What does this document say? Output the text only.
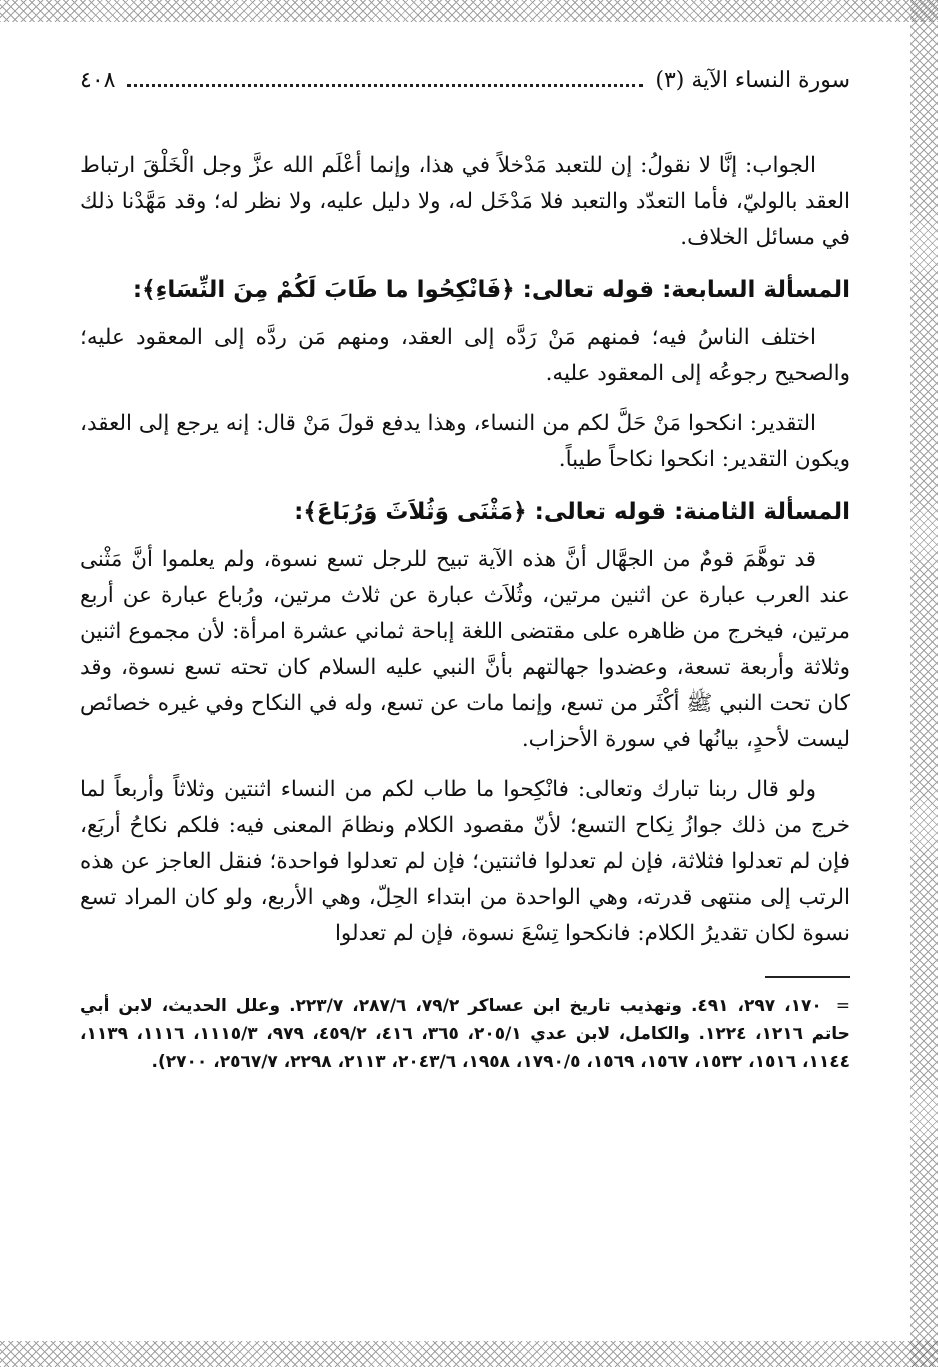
سورة النساء الآية (٣)
٤٠٨

الجواب: إنَّا لا نقولُ: إن للتعبد مَدْخلاً في هذا، وإنما أعْلَم الله عزَّ وجل الْخَلْقَ ارتباط العقد بالوليّ، فأما التعدّد والتعبد فلا مَدْخَل له، ولا دليل عليه، ولا نظر له؛ وقد مَهَّدْنا ذلك في مسائل الخلاف.

المسألة السابعة: قوله تعالى: ﴿فَانْكِحُوا ما طَابَ لَكُمْ مِنَ النِّسَاءِ﴾:

اختلف الناسُ فيه؛ فمنهم مَنْ رَدَّه إلى العقد، ومنهم مَن ردَّه إلى المعقود عليه؛ والصحيح رجوعُه إلى المعقود عليه.

التقدير: انكحوا مَنْ حَلَّ لكم من النساء، وهذا يدفع قولَ مَنْ قال: إنه يرجع إلى العقد، ويكون التقدير: انكحوا نكاحاً طيباً.

المسألة الثامنة: قوله تعالى: ﴿مَثْنَى وَثُلاَثَ وَرُبَاعَ﴾:

قد توهَّمَ قومٌ من الجهَّال أنَّ هذه الآية تبيح للرجل تسع نسوة، ولم يعلموا أنَّ مَثْنى عند العرب عبارة عن اثنين مرتين، وثُلاَث عبارة عن ثلاث مرتين، ورُباع عبارة عن أربع مرتين، فيخرج من ظاهره على مقتضى اللغة إباحة ثماني عشرة امرأة: لأن مجموع اثنين وثلاثة وأربعة تسعة، وعضدوا جهالتهم بأنَّ النبي عليه السلام كان تحته تسع نسوة، وقد كان تحت النبي ﷺ أكْثَر من تسع، وإنما مات عن تسع، وله في النكاح وفي غيره خصائص ليست لأحدٍ، بيانُها في سورة الأحزاب.

ولو قال ربنا تبارك وتعالى: فانْكِحوا ما طاب لكم من النساء اثنتين وثلاثاً وأربعاً لما خرج من ذلك جوازُ نِكاح التسع؛ لأنّ مقصود الكلام ونظامَ المعنى فيه: فلكم نكاحُ أربَع، فإن لم تعدلوا فثلاثة، فإن لم تعدلوا فاثنتين؛ فإن لم تعدلوا فواحدة؛ فنقل العاجز عن هذه الرتب إلى منتهى قدرته، وهي الواحدة من ابتداء الحِلّ، وهي الأربع، ولو كان المراد تسع نسوة لكان تقديرُ الكلام: فانكحوا تِسْعَ نسوة، فإن لم تعدلوا

=١٧٠، ٢٩٧، ٤٩١. وتهذيب تاريخ ابن عساكر ٧٩/٢، ٢٨٧/٦، ٢٢٣/٧. وعلل الحديث، لابن أبي حاتم ١٢١٦، ١٢٢٤. والكامل، لابن عدي ٢٠٥/١، ٣٦٥، ٤١٦، ٤٥٩/٢، ٩٧٩، ١١١٥/٣، ١١١٦، ١١٣٩، ١١٤٤، ١٥١٦، ١٥٣٢، ١٥٦٧، ١٥٦٩، ١٧٩٠/٥، ١٩٥٨، ٢٠٤٣/٦، ٢١١٣، ٢٢٩٨، ٢٥٦٧/٧، ٢٧٠٠).
